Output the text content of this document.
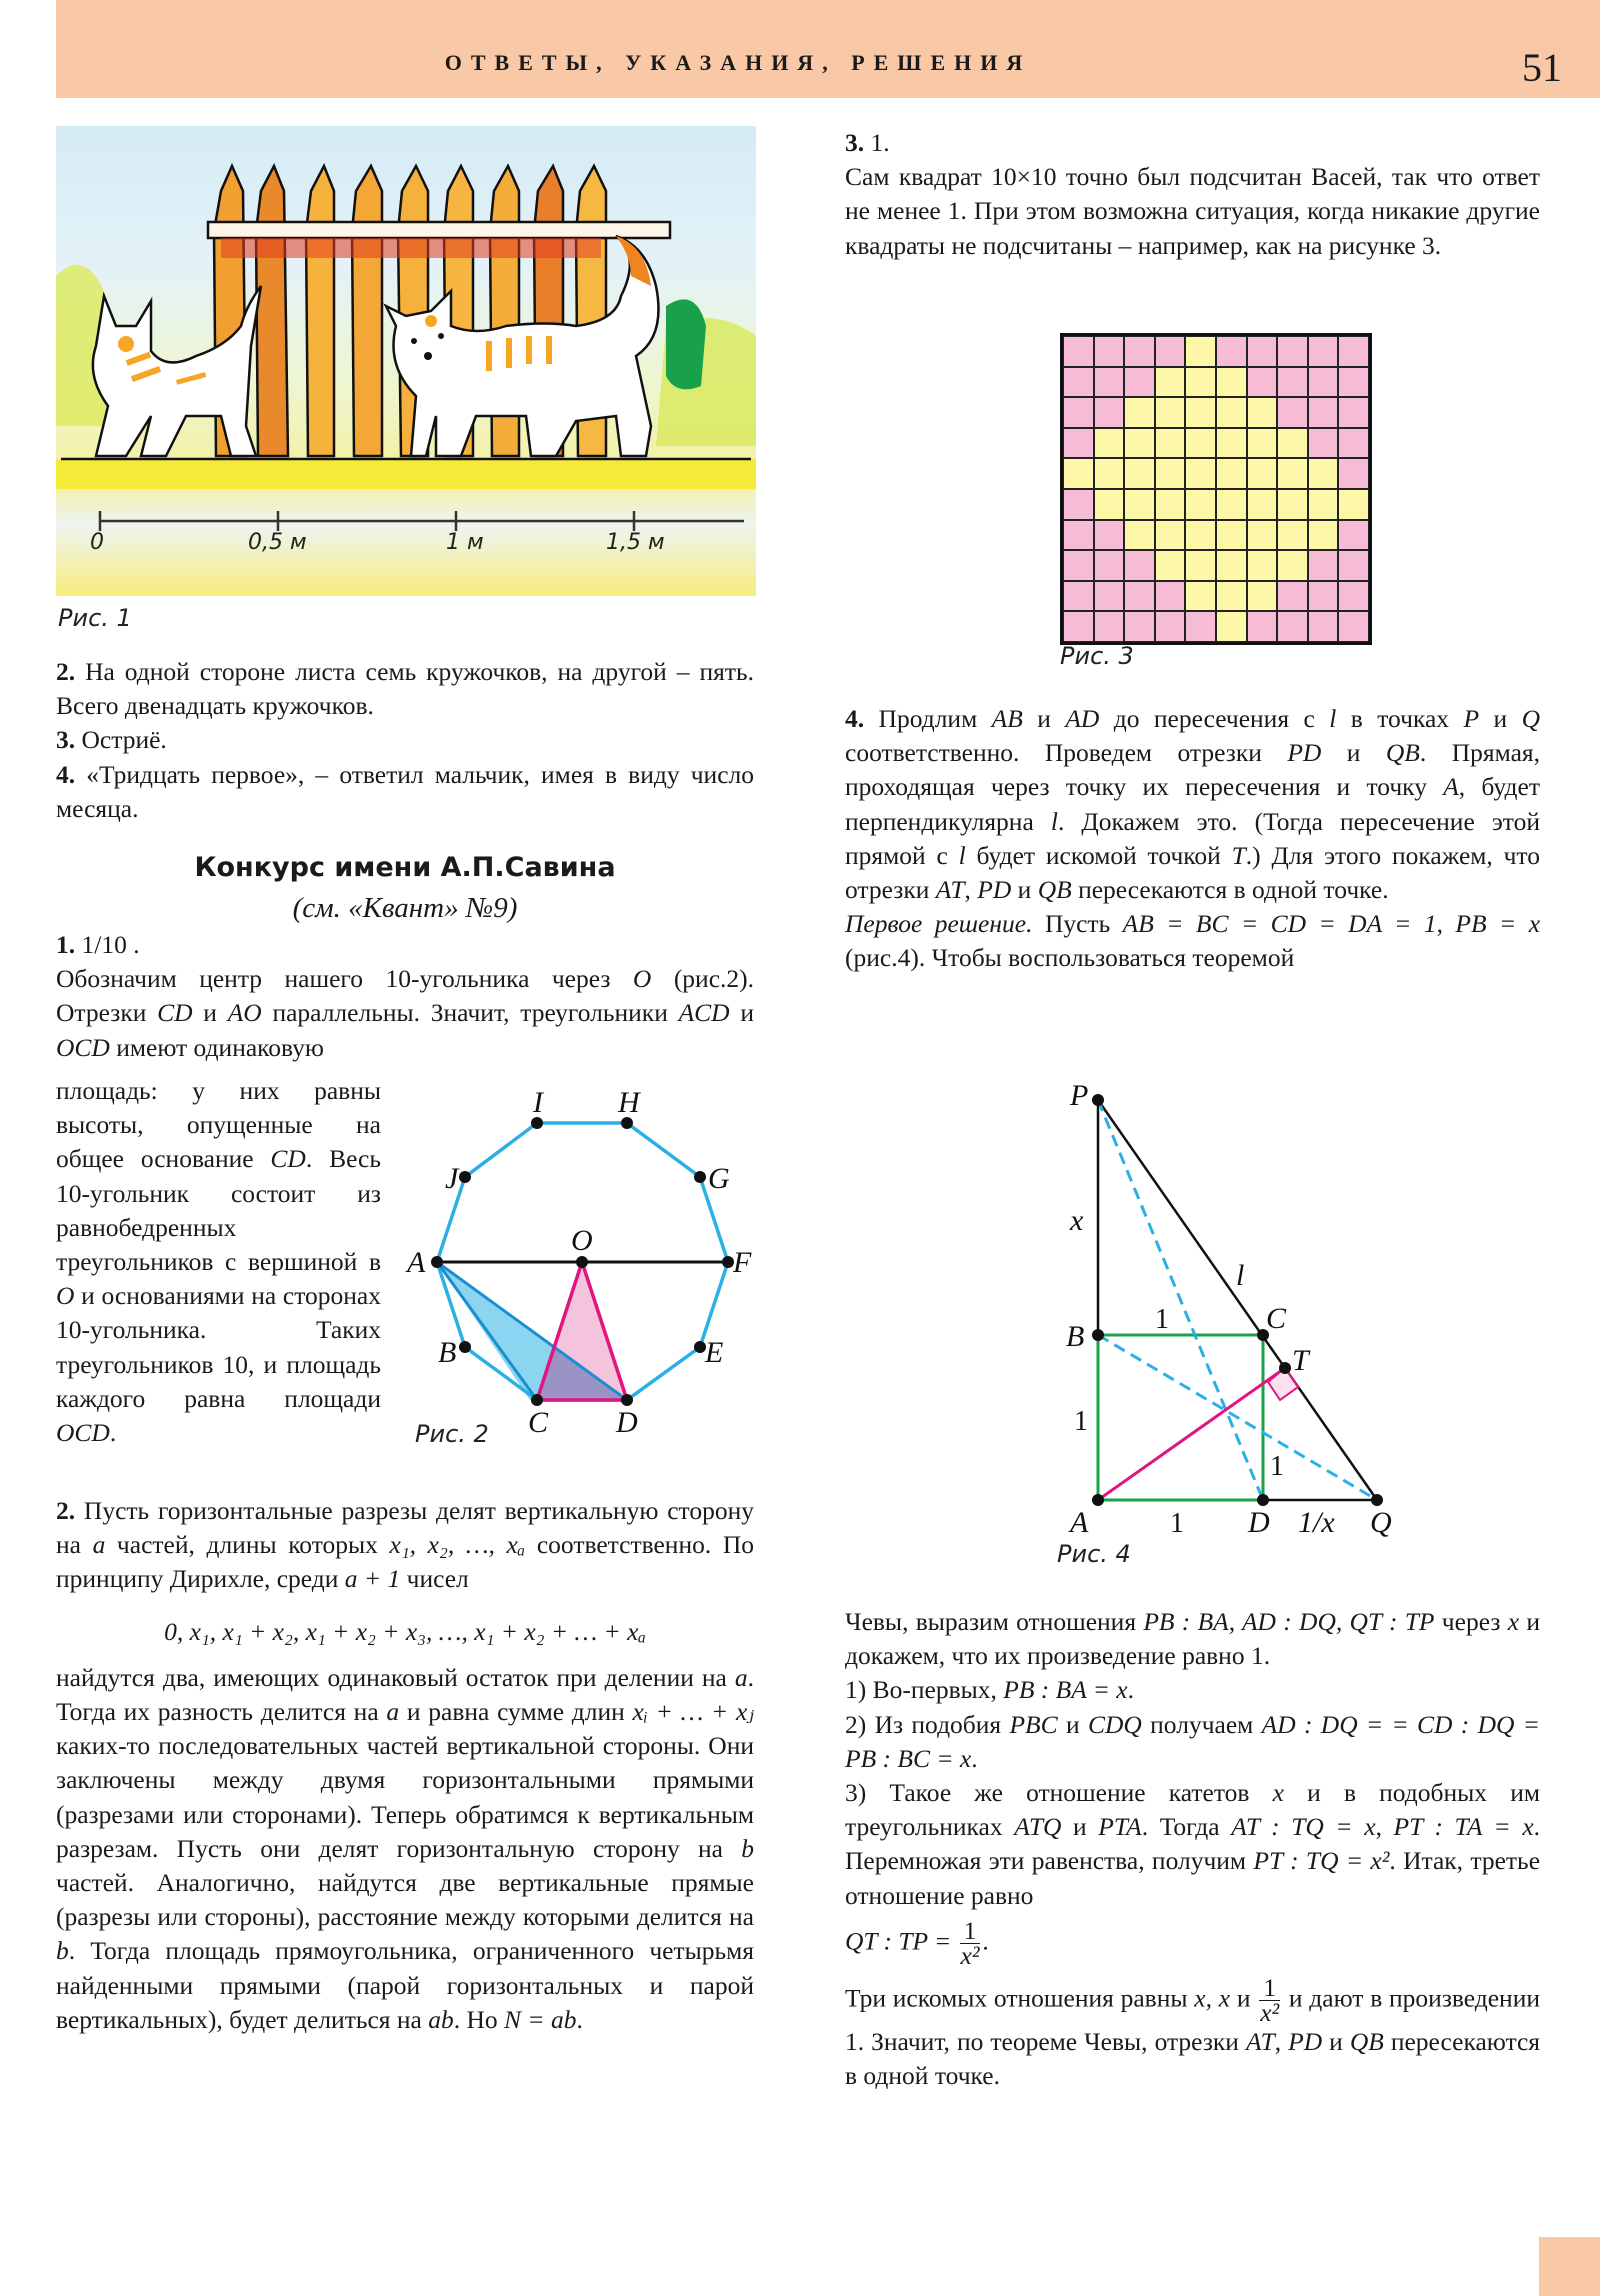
ОТВЕТЫ, УКАЗАНИЯ, РЕШЕНИЯ	51
0	0,5 м	1 м	1,5 м
Рис. 1

2. На одной стороне листа семь кружочков, на другой – пять. Всего двенадцать кружочков.

3. Остриё.

4. «Тридцать первое», – ответил мальчик, имея в виду число месяца.

Конкурс имени А.П.Савина
(см. «Квант» №9)

1. 1/10 .

Обозначим центр нашего 10-угольника через O (рис.2). Отрезки CD и AO параллельны. Значит, треугольники ACD и OCD имеют одинаковую

площадь: у них равны высоты, опущенные на общее основание CD. Весь 10-угольник состоит из равнобедренных треугольников с вершиной в O и основаниями на сторонах 10-угольника. Таких треугольников 10, и площадь каждого равна площади OCD.

A
B
C D
E
F
G
H
I
J
O
Рис. 2

2. Пусть горизонтальные разрезы делят вертикальную сторону на a частей, длины которых x₁, x₂, …, xₐ соответственно. По принципу Дирихле, среди a + 1 чисел

0, x₁, x₁ + x₂, x₁ + x₂ + x₃, …, x₁ + x₂ + … + xₐ

найдутся два, имеющих одинаковый остаток при делении на a. Тогда их разность делится на a и равна сумме длин xᵢ + … + xⱼ каких-то последовательных частей вертикальной стороны. Они заключены между двумя горизонтальными прямыми (разрезами или сторонами). Теперь обратимся к вертикальным разрезам. Пусть они делят горизонтальную сторону на b частей. Аналогично, найдутся две вертикальные прямые (разрезы или стороны), расстояние между которыми делится на b. Тогда площадь прямоугольника, ограниченного четырьмя найденными прямыми (парой горизонтальных и парой вертикальных), будет делиться на ab. Но N = ab.

3. 1.

Сам квадрат 10×10 точно был подсчитан Васей, так что ответ не менее 1. При этом возможна ситуация, когда никакие другие квадраты не подсчитаны – например, как на рисунке 3.

Рис. 3

4. Продлим AB и AD до пересечения с l в точках P и Q соответственно. Проведем отрезки PD и QB. Прямая, проходящая через точку их пересечения и точку A, будет перпендикулярна l. Докажем это. (Тогда пересечение этой прямой с l будет искомой точкой T.) Для этого покажем, что отрезки AT, PD и QB пересекаются в одной точке.

Первое решение. Пусть AB = BC = CD = DA = 1, PB = x (рис.4). Чтобы воспользоваться теоремой

P
B
C
T
A	D	Q
x
l
1/x
1
1
1
1
Рис. 4

Чевы, выразим отношения PB : BA, AD : DQ, QT : TP через x и докажем, что их произведение равно 1.

1) Во-первых, PB : BA = x.

2) Из подобия PBC и CDQ получаем AD : DQ = = CD : DQ = PB : BC = x.

3) Такое же отношение катетов x и в подобных им треугольниках ATQ и PTA. Тогда AT : TQ = x, PT : TA = x. Перемножая эти равенства, получим PT : TQ = x². Итак, третье отношение равно

QT : TP = $\frac{1}{\text{x²}}$ .

Три искомых отношения равны x, x и $\frac{1}{\text{x²}}$ и дают в произведении 1. Значит, по теореме Чевы, отрезки AT, PD и QB пересекаются в одной точке.
